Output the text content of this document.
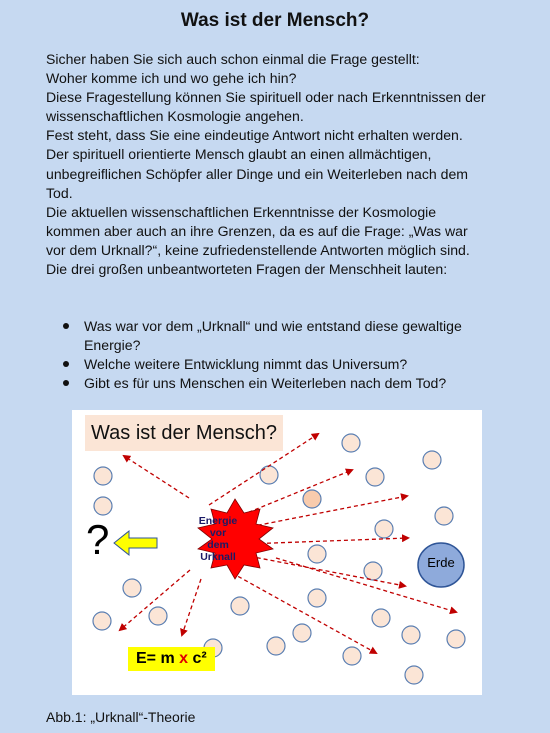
Was ist der Mensch?

Sicher haben Sie sich auch schon einmal die Frage gestellt:

Woher komme ich und wo gehe ich hin?

Diese Fragestellung können Sie spirituell oder nach Erkenntnissen der

wissenschaftlichen Kosmologie angehen.

Fest steht, dass Sie eine eindeutige Antwort nicht erhalten werden.

Der spirituell orientierte Mensch glaubt an einen allmächtigen,

unbegreiflichen Schöpfer aller Dinge und ein Weiterleben nach dem

Tod.

Die aktuellen wissenschaftlichen Erkenntnisse der Kosmologie

kommen aber auch an ihre Grenzen, da es auf die Frage: „Was war

vor dem Urknall?“, keine zufriedenstellende Antworten möglich sind.

Die drei großen unbeantworteten Fragen der Menschheit lauten:

Was war vor dem „Urknall“ und wie entstand diese gewaltige
Energie?
Welche weitere Entwicklung nimmt das Universum?
Gibt es für uns Menschen ein Weiterleben nach dem Tod?
Energie
vor
dem
Urknall
Was ist der Mensch?
?	Erde
E= m x c²
Abb.1: „Urknall“-Theorie
